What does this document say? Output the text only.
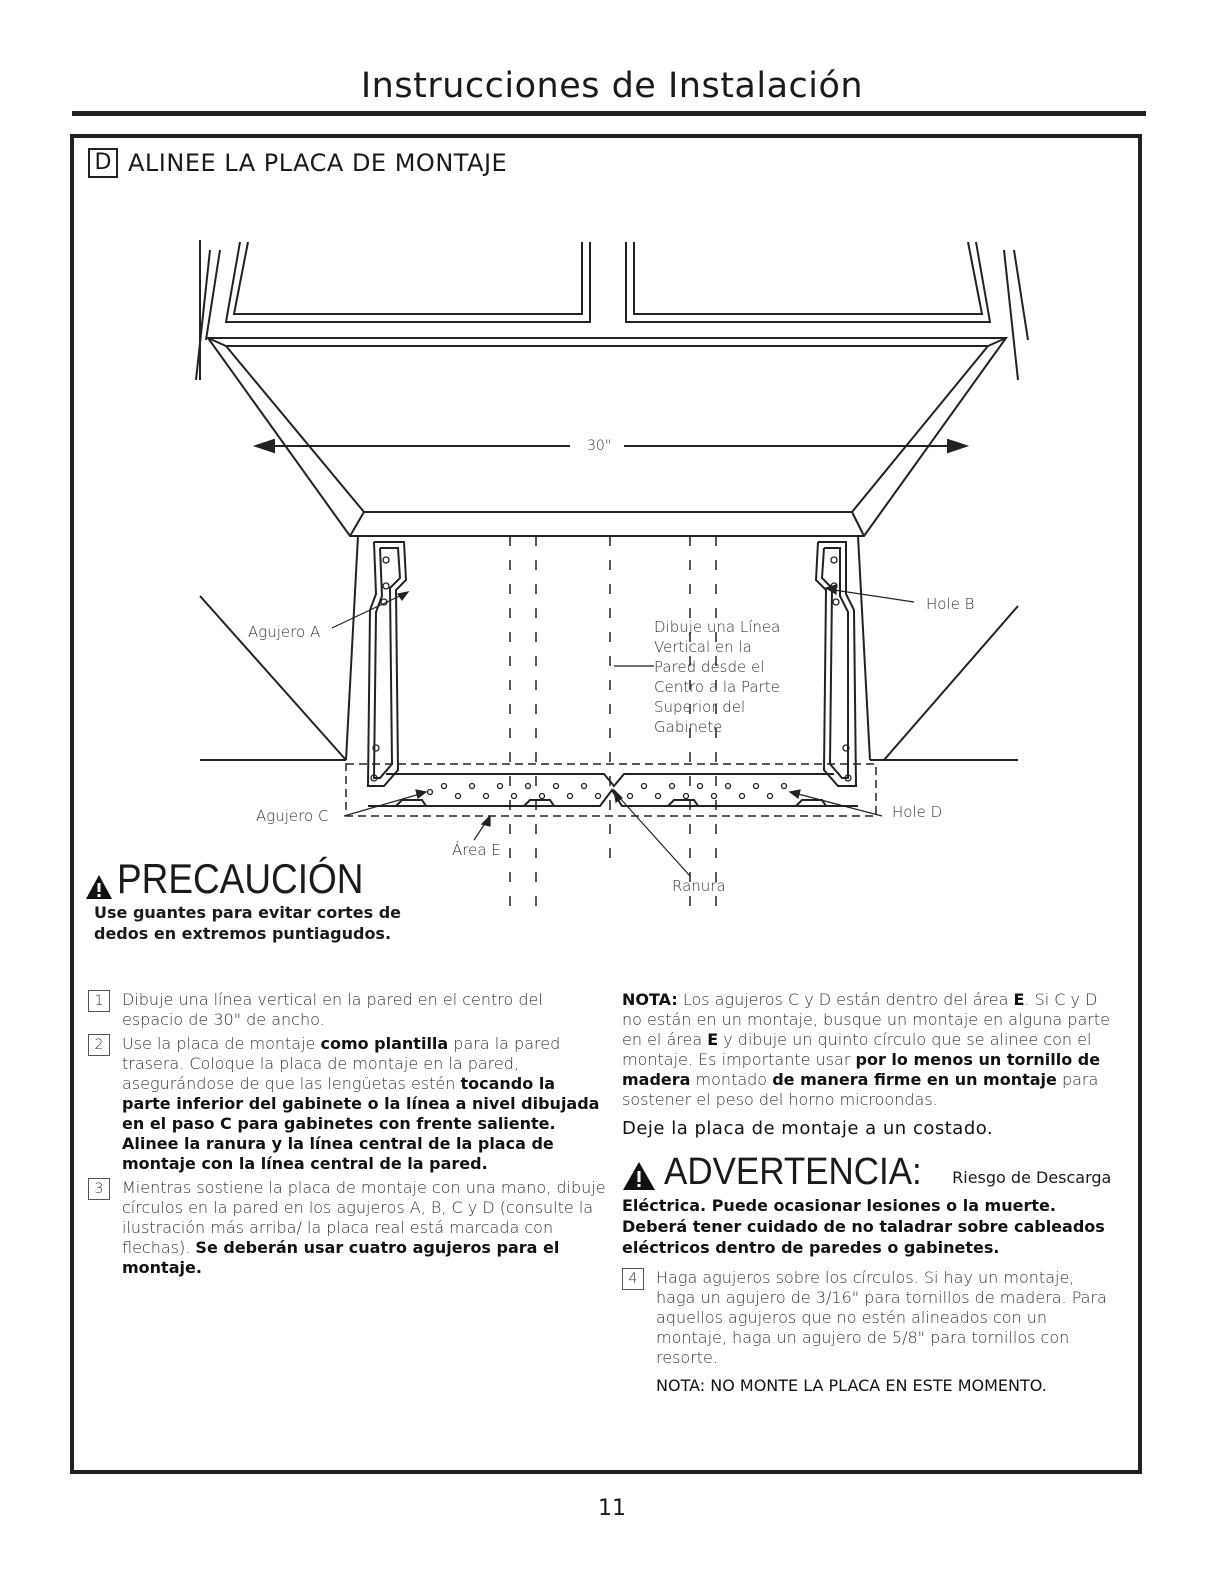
Instrucciones de Instalación
D ALINEE LA PLACA DE MONTAJE
30"
Agujero A
Hole B
Agujero C	Hole D
Área E
Ranura
Dibuje una Línea
Vertical en la
Pared desde el
Centro a la Parte
Superior del
Gabinete
PRECAUCIÓN
Use guantes para evitar cortes de dedos en extremos puntiagudos.
1	Dibuje una línea vertical en la pared en el centro del espacio de 30" de ancho.
2	Use la placa de montaje como plantilla para la pared trasera. Coloque la placa de montaje en la pared, asegurándose de que las lengüetas estén tocando la parte inferior del gabinete o la línea a nivel dibujada en el paso C para gabinetes con frente saliente. Alinee la ranura y la línea central de la placa de montaje con la línea central de la pared.
3	Mientras sostiene la placa de montaje con una mano, dibuje círculos en la pared en los agujeros A, B, C y D (consulte la ilustración más arriba/ la placa real está marcada con flechas). Se deberán usar cuatro agujeros para el montaje.

NOTA: Los agujeros C y D están dentro del área E. Si C y D no están en un montaje, busque un montaje en alguna parte en el área E y dibuje un quinto círculo que se alinee con el montaje. Es importante usar por lo menos un tornillo de madera montado de manera firme en un montaje para sostener el peso del horno microondas.

Deje la placa de montaje a un costado.

ADVERTENCIA: Riesgo de Descarga

Eléctrica. Puede ocasionar lesiones o la muerte. Deberá tener cuidado de no taladrar sobre cableados eléctricos dentro de paredes o gabinetes.

4	Haga agujeros sobre los círculos. Si hay un montaje, haga un agujero de 3/16" para tornillos de madera. Para aquellos agujeros que no estén alineados con un montaje, haga un agujero de 5/8" para tornillos con resorte.

NOTA: NO MONTE LA PLACA EN ESTE MOMENTO.

11
